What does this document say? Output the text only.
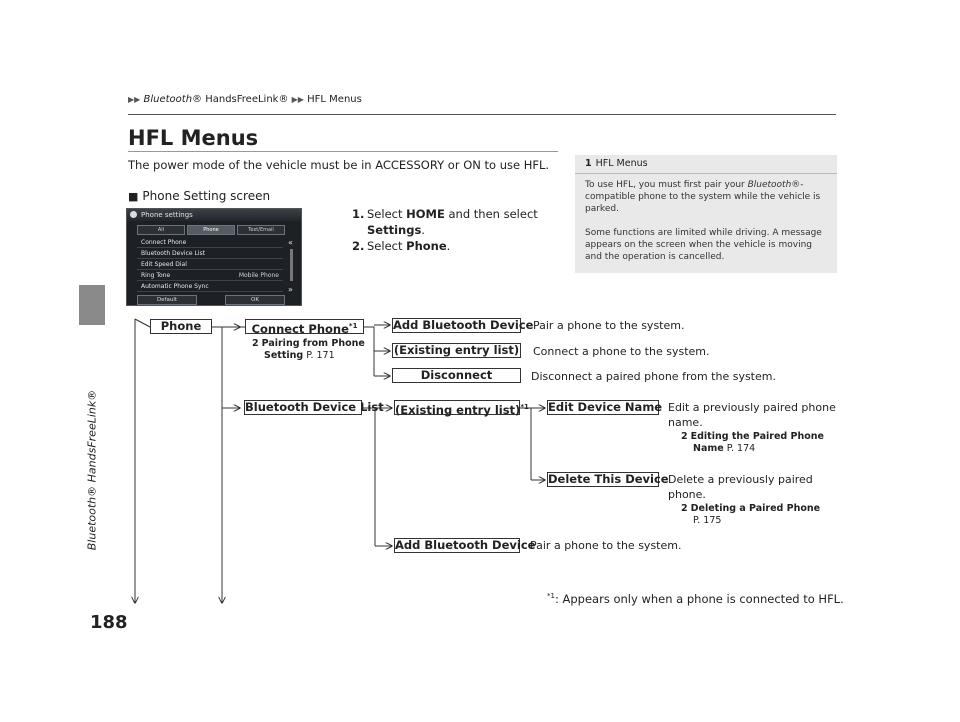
Bluetooth® HandsFreeLink®
188
▶▶ Bluetooth® HandsFreeLink® ▶▶ HFL Menus
HFL Menus
The power mode of the vehicle must be in ACCESSORY or ON to use HFL.
■ Phone Setting screen
1. Select HOME and then select
Settings.
2. Select Phone.
1 HFL Menus

To use HFL, you must first pair your Bluetooth®-compatible phone to the system while the vehicle is parked.

Some functions are limited while driving. A message appears on the screen when the vehicle is moving and the operation is cancelled.

Phone settings
All	Phone	Text/Email
Connect Phone
Bluetooth Device List
Edit Speed Dial
Ring Tone	Mobile Phone
Automatic Phone Sync
«
»
Default	OK
Phone	Connect Phone$^{*1}$
2 Pairing from Phone
Setting P. 171
Add Bluetooth Device Pair a phone to the system.
(Existing entry list) Connect a phone to the system.
Disconnect	Disconnect a paired phone from the system.
Bluetooth Device List (Existing entry list)$^{*1}$ Edit Device Name Edit a previously paired phone
name.
2 Editing the Paired Phone
Name P. 174
Delete This Device Delete a previously paired
phone.
2 Deleting a Paired Phone
P. 175
Add Bluetooth Device
Pair a phone to the system.
$^{*1}$: Appears only when a phone is connected to HFL.
